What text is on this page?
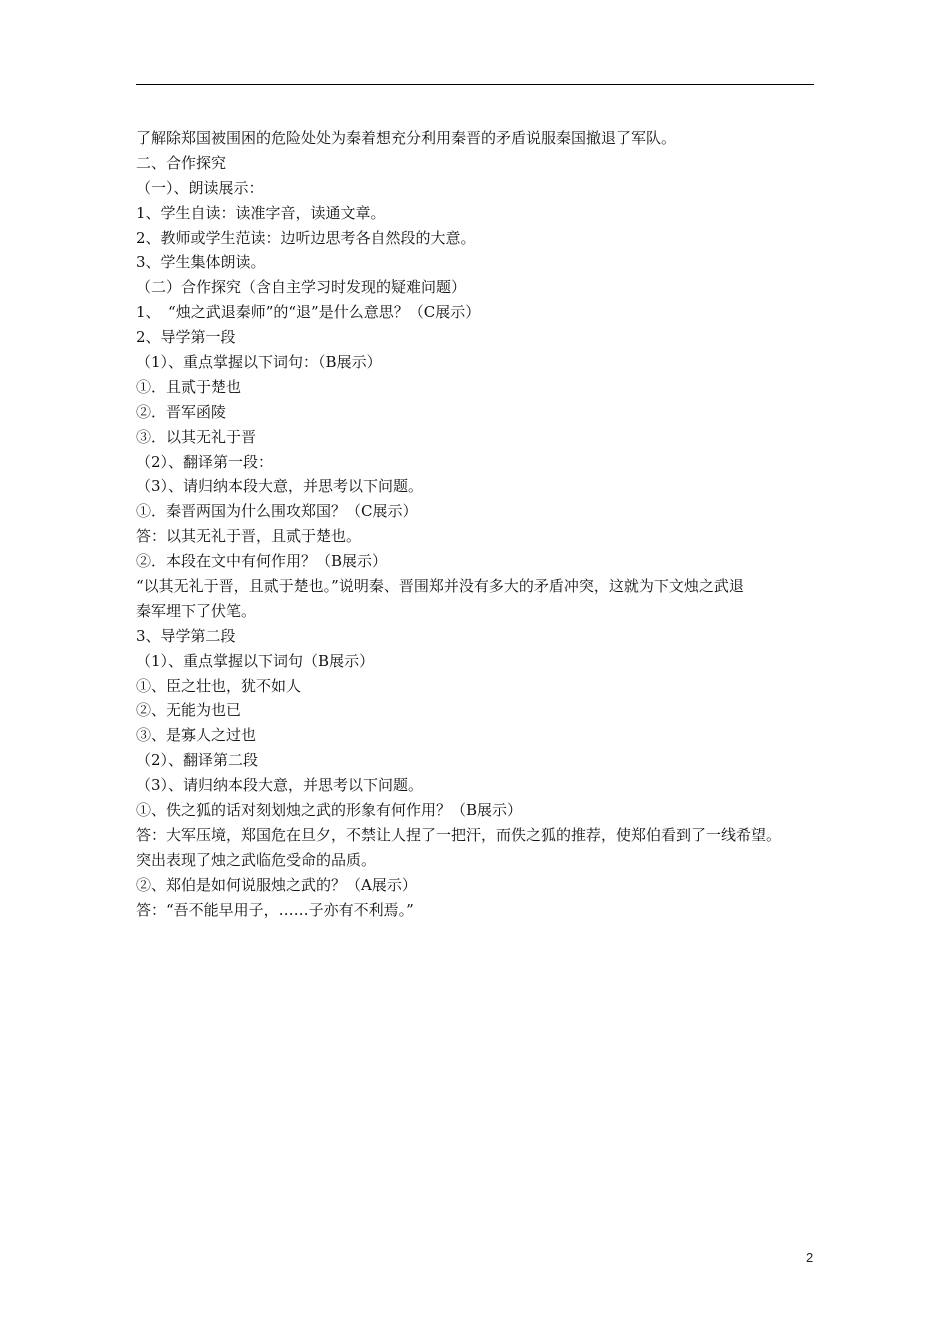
了解除郑国被围困的危险处处为秦着想充分利用秦晋的矛盾说服秦国撤退了军队。
二、合作探究
（一）、朗读展示：
1、学生自读：读准字音，读通文章。
2、教师或学生范读：边听边思考各自然段的大意。
3、学生集体朗读。
（二）合作探究（含自主学习时发现的疑难问题）
1、　“烛之武退秦师”的“退”是什么意思？（C展示）
2、导学第一段
（1）、重点掌握以下词句：（B展示）
①．且贰于楚也
②．晋军函陵
③．以其无礼于晋
（2）、翻译第一段：
（3）、请归纳本段大意，并思考以下问题。
①．秦晋两国为什么围攻郑国？（C展示）
答：以其无礼于晋，且贰于楚也。
②．本段在文中有何作用？（B展示）
“以其无礼于晋，且贰于楚也。”说明秦、晋围郑并没有多大的矛盾冲突，这就为下文烛之武退
秦军埋下了伏笔。
3、导学第二段
（1）、重点掌握以下词句（B展示）
①、臣之壮也，犹不如人
②、无能为也已
③、是寡人之过也
（2）、翻译第二段
（3）、请归纳本段大意，并思考以下问题。
①、佚之狐的话对刻划烛之武的形象有何作用？（B展示）
答：大军压境，郑国危在旦夕，不禁让人捏了一把汗，而佚之狐的推荐，使郑伯看到了一线希望。
突出表现了烛之武临危受命的品质。
②、郑伯是如何说服烛之武的？（A展示）
答：“吾不能早用子，……子亦有不利焉。”
2
